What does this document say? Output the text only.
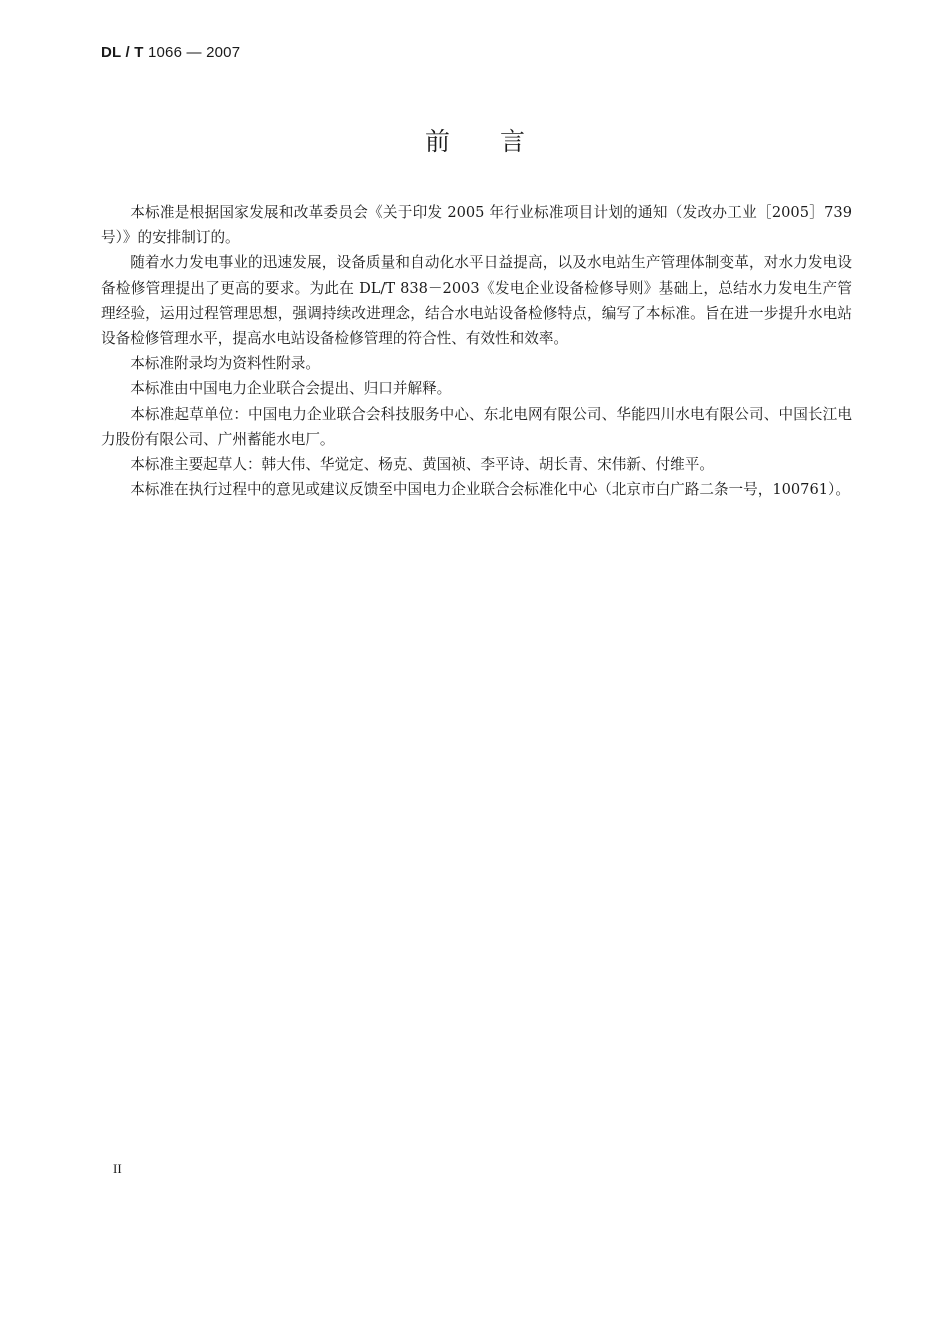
DL / T 1066 — 2007
前言

本标准是根据国家发展和改革委员会《关于印发 2005 年行业标准项目计划的通知（发改办工业［2005］739 号）》的安排制订的。

随着水力发电事业的迅速发展，设备质量和自动化水平日益提高，以及水电站生产管理体制变革，对水力发电设备检修管理提出了更高的要求。为此在 DL/T 838－2003《发电企业设备检修导则》基础上，总结水力发电生产管理经验，运用过程管理思想，强调持续改进理念，结合水电站设备检修特点，编写了本标准。旨在进一步提升水电站设备检修管理水平，提高水电站设备检修管理的符合性、有效性和效率。

本标准附录均为资料性附录。

本标准由中国电力企业联合会提出、归口并解释。

本标准起草单位：中国电力企业联合会科技服务中心、东北电网有限公司、华能四川水电有限公司、中国长江电力股份有限公司、广州蓄能水电厂。

本标准主要起草人：韩大伟、华觉定、杨克、黄国祯、李平诗、胡长青、宋伟新、付维平。

本标准在执行过程中的意见或建议反馈至中国电力企业联合会标准化中心（北京市白广路二条一号，100761）。

II
